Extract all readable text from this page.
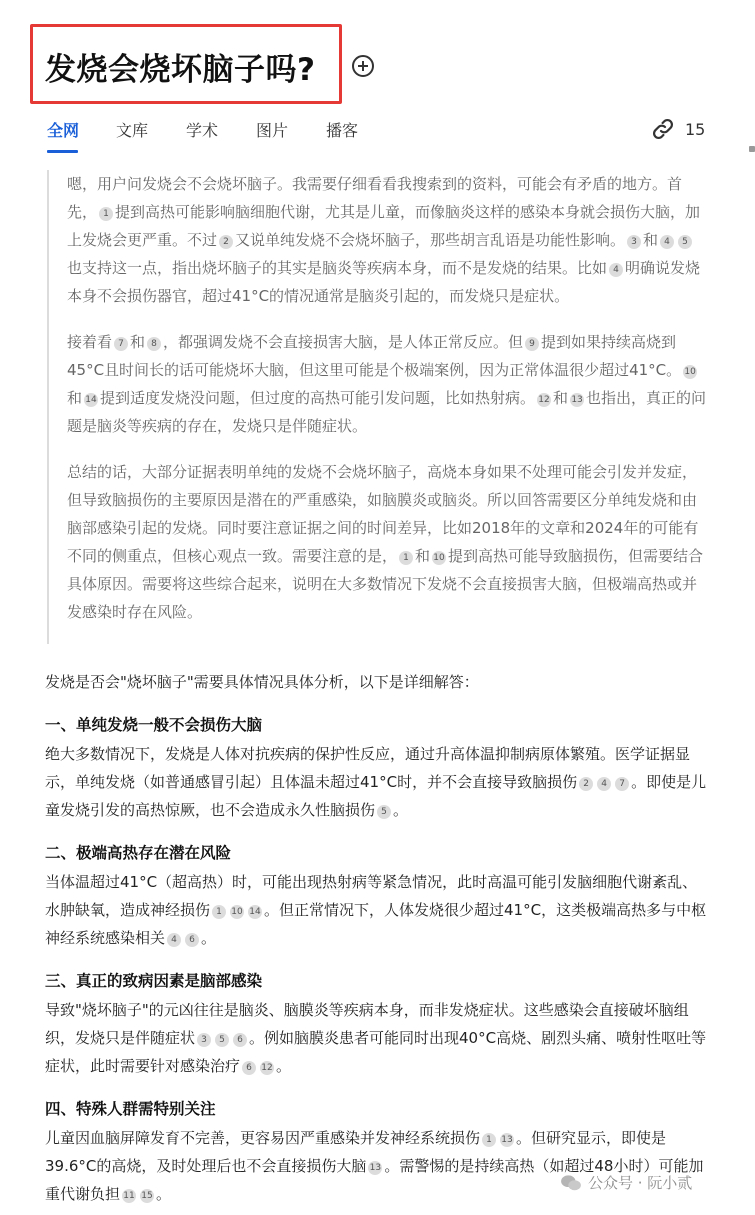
发烧会烧坏脑子吗?
全网 文库 学术 图片 播客	15

嗯，用户问发烧会不会烧坏脑子。我需要仔细看看我搜索到的资料，可能会有矛盾的地方。首先， 1 提到高热可能影响脑细胞代谢，尤其是儿童，而像脑炎这样的感染本身就会损伤大脑，加上发烧会更严重。不过 2 又说单纯发烧不会烧坏脑子，那些胡言乱语是功能性影响。 3 和 4 5也支持这一点，指出烧坏脑子的其实是脑炎等疾病本身，而不是发烧的结果。比如 4 明确说发烧本身不会损伤器官，超过41°C的情况通常是脑炎引起的，而发烧只是症状。

接着看 7 和 8 ，都强调发烧不会直接损害大脑，是人体正常反应。但 9 提到如果持续高烧到45°C且时间长的话可能烧坏大脑，但这里可能是个极端案例，因为正常体温很少超过41°C。 10和 14 提到适度发烧没问题，但过度的高热可能引发问题，比如热射病。 12 和 13 也指出，真正的问题是脑炎等疾病的存在，发烧只是伴随症状。

总结的话，大部分证据表明单纯的发烧不会烧坏脑子，高烧本身如果不处理可能会引发并发症，但导致脑损伤的主要原因是潜在的严重感染，如脑膜炎或脑炎。所以回答需要区分单纯发烧和由脑部感染引起的发烧。同时要注意证据之间的时间差异，比如2018年的文章和2024年的可能有不同的侧重点，但核心观点一致。需要注意的是， 1 和 10 提到高热可能导致脑损伤，但需要结合具体原因。需要将这些综合起来，说明在大多数情况下发烧不会直接损害大脑，但极端高热或并发感染时存在风险。

发烧是否会"烧坏脑子"需要具体情况具体分析，以下是详细解答：

一、单纯发烧一般不会损伤大脑

绝大多数情况下，发烧是人体对抗疾病的保护性反应，通过升高体温抑制病原体繁殖。医学证据显示，单纯发烧（如普通感冒引起）且体温未超过41°C时，并不会直接导致脑损伤 2 4 7 。即使是儿童发烧引发的高热惊厥，也不会造成永久性脑损伤 5 。

二、极端高热存在潜在风险

当体温超过41°C（超高热）时，可能出现热射病等紧急情况，此时高温可能引发脑细胞代谢紊乱、水肿缺氧，造成神经损伤 1 10 14 。但正常情况下，人体发烧很少超过41°C，这类极端高热多与中枢神经系统感染相关 4 6 。

三、真正的致病因素是脑部感染

导致"烧坏脑子"的元凶往往是脑炎、脑膜炎等疾病本身，而非发烧症状。这些感染会直接破坏脑组织，发烧只是伴随症状 3 5 6 。例如脑膜炎患者可能同时出现40°C高烧、剧烈头痛、喷射性呕吐等症状，此时需要针对感染治疗 6 12 。

四、特殊人群需特别关注

儿童因血脑屏障发育不完善，更容易因严重感染并发神经系统损伤 1 13 。但研究显示，即使是39.6°C的高烧，及时处理后也不会直接损伤大脑 13 。需警惕的是持续高热（如超过48小时）可能加重代谢负担 11 15 。

公众号 · 阮小贰
